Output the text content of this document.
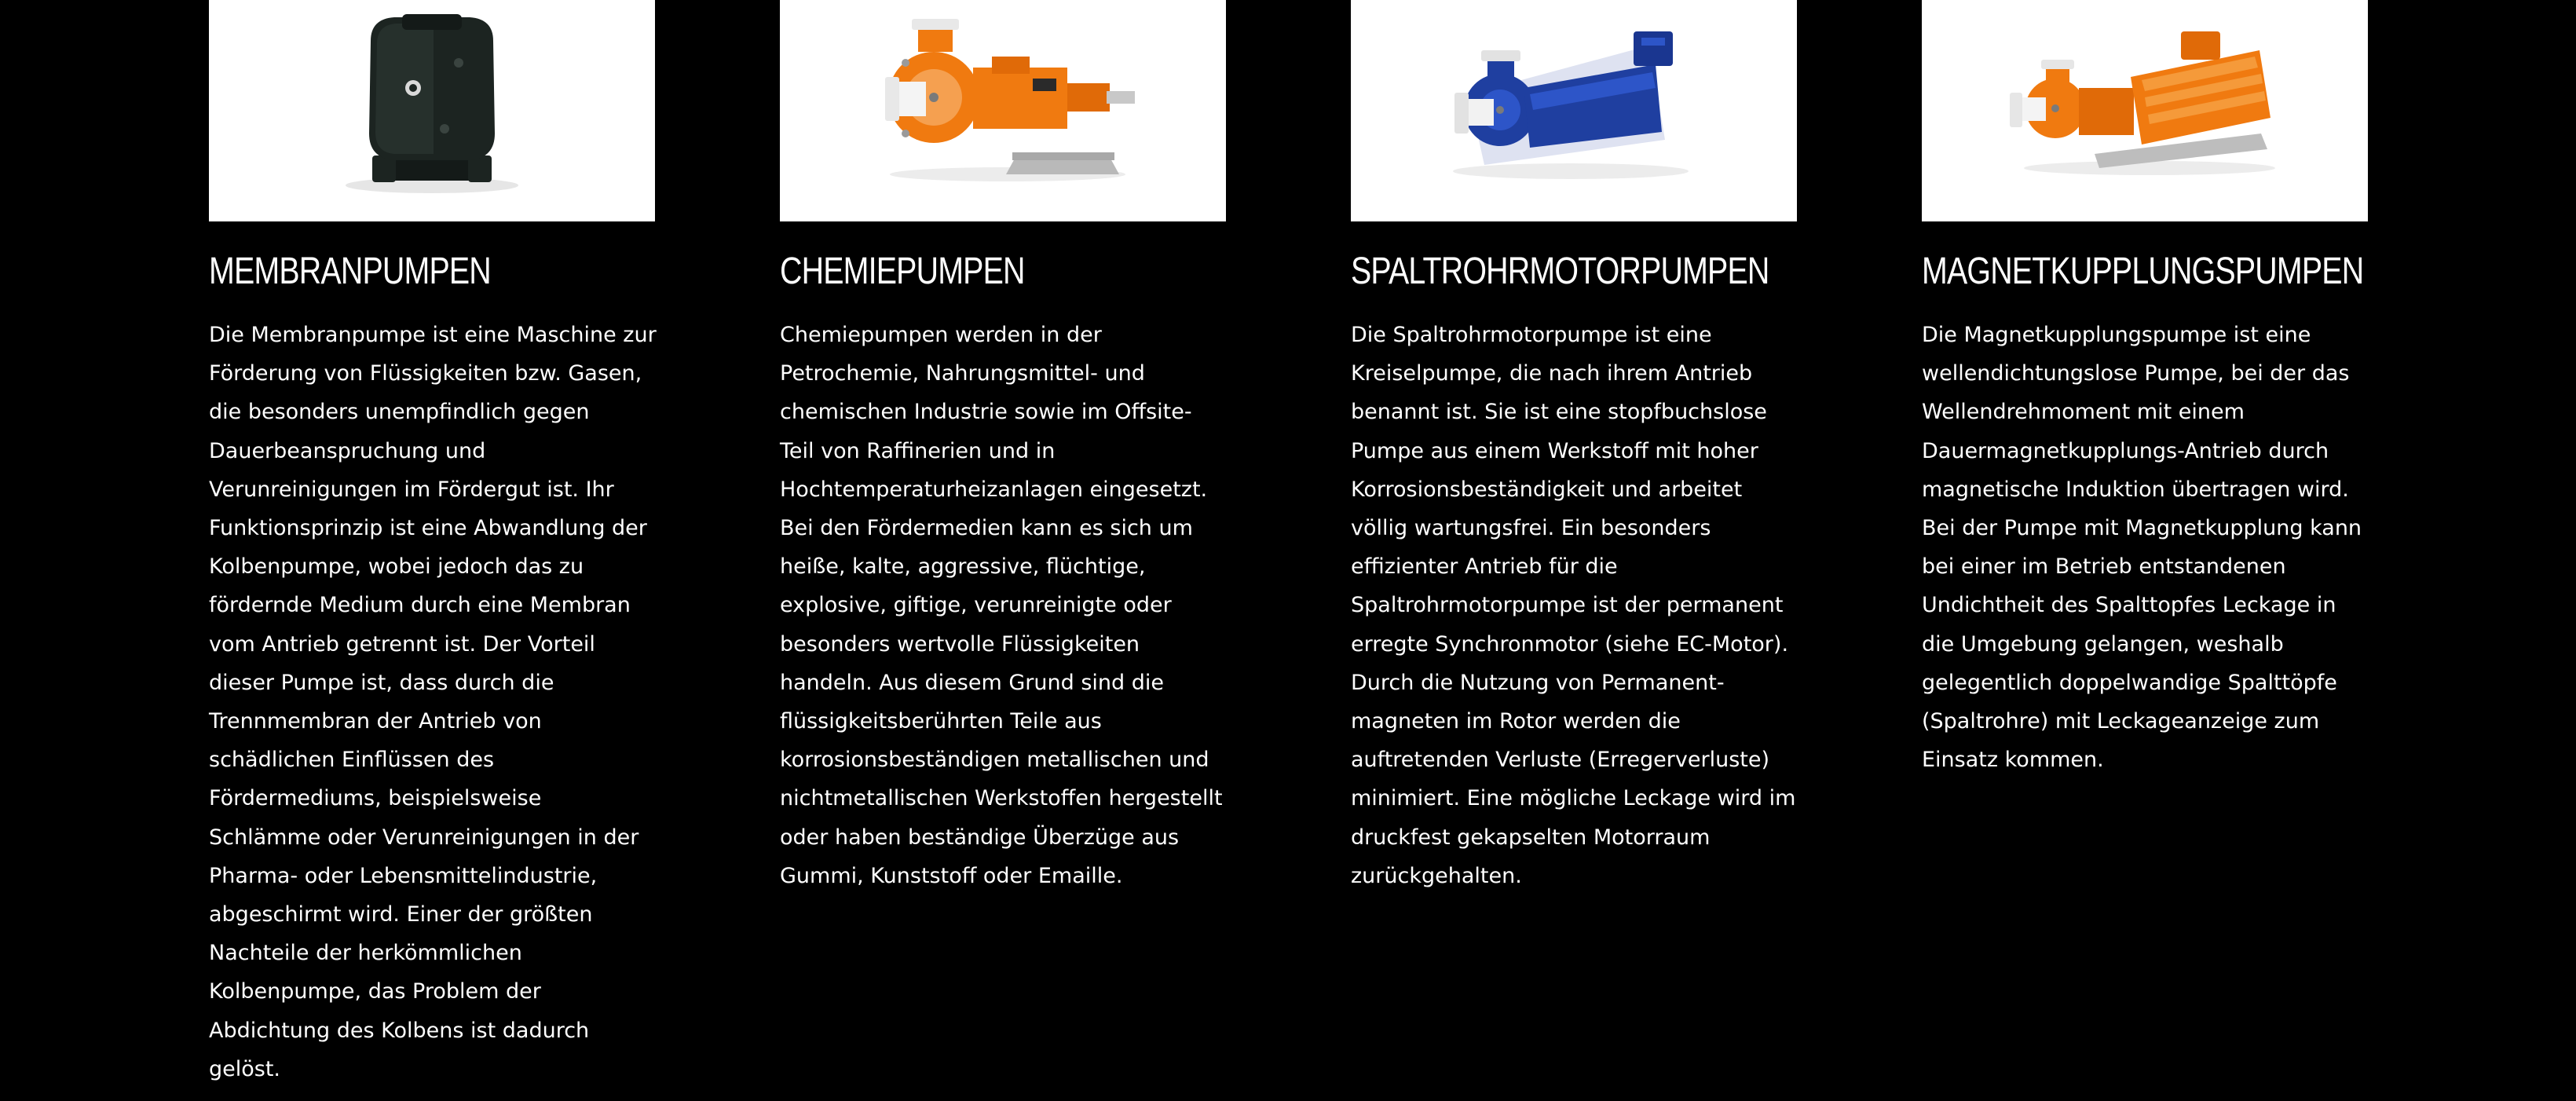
MEMBRANPUMPEN
Die Membranpumpe ist eine Maschine zur
Förderung von Flüssigkeiten bzw. Gasen,
die besonders unempfindlich gegen
Dauerbeanspruchung und
Verunreinigungen im Fördergut ist. Ihr
Funktionsprinzip ist eine Abwandlung der
Kolbenpumpe, wobei jedoch das zu
fördernde Medium durch eine Membran
vom Antrieb getrennt ist. Der Vorteil
dieser Pumpe ist, dass durch die
Trennmembran der Antrieb von
schädlichen Einflüssen des
Fördermediums, beispielsweise
Schlämme oder Verunreinigungen in der
Pharma- oder Lebensmittelindustrie,
abgeschirmt wird. Einer der größten
Nachteile der herkömmlichen
Kolbenpumpe, das Problem der
Abdichtung des Kolbens ist dadurch
gelöst.
CHEMIEPUMPEN
Chemiepumpen werden in der
Petrochemie, Nahrungsmittel- und
chemischen Industrie sowie im Offsite-
Teil von Raffinerien und in
Hochtemperaturheizanlagen eingesetzt.
Bei den Fördermedien kann es sich um
heiße, kalte, aggressive, flüchtige,
explosive, giftige, verunreinigte oder
besonders wertvolle Flüssigkeiten
handeln. Aus diesem Grund sind die
flüssigkeitsberührten Teile aus
korrosionsbeständigen metallischen und
nichtmetallischen Werkstoffen hergestellt
oder haben beständige Überzüge aus
Gummi, Kunststoff oder Emaille.
SPALTROHRMOTORPUMPEN
Die Spaltrohrmotorpumpe ist eine
Kreiselpumpe, die nach ihrem Antrieb
benannt ist. Sie ist eine stopfbuchslose
Pumpe aus einem Werkstoff mit hoher
Korrosionsbeständigkeit und arbeitet
völlig wartungsfrei. Ein besonders
effizienter Antrieb für die
Spaltrohrmotorpumpe ist der permanent
erregte Synchronmotor (siehe EC-Motor).
Durch die Nutzung von Permanent-
magneten im Rotor werden die
auftretenden Verluste (Erregerverluste)
minimiert. Eine mögliche Leckage wird im
druckfest gekapselten Motorraum
zurückgehalten.
MAGNETKUPPLUNGSPUMPEN
Die Magnetkupplungspumpe ist eine
wellendichtungslose Pumpe, bei der das
Wellendrehmoment mit einem
Dauermagnetkupplungs-Antrieb durch
magnetische Induktion übertragen wird.
Bei der Pumpe mit Magnetkupplung kann
bei einer im Betrieb entstandenen
Undichtheit des Spalttopfes Leckage in
die Umgebung gelangen, weshalb
gelegentlich doppelwandige Spalttöpfe
(Spaltrohre) mit Leckageanzeige zum
Einsatz kommen.
